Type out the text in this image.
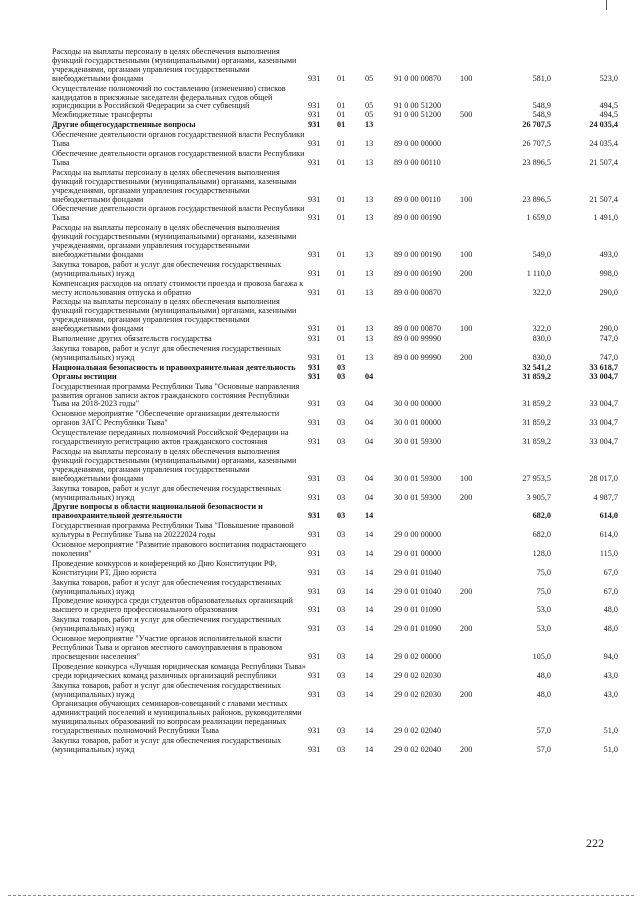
Расходы на выплаты персоналу в целях обеспечения выполнения функций государственными (муниципальными) органами, казенными учреждениями, органами управления государственными внебюджетными фондами	931	01	05	91 0 00 00870	100	581,0	523,0
Осуществление полномочий по составлению (изменению) списков кандидатов в присяжные заседатели федеральных судов общей юрисдикции в Российской Федерации за счет субвенций	931	01	05	91 0 00 51200	548,9	494,5
Межбюджетные трансферты	931	01	05	91 0 00 51200	500	548,9	494,5
Другие общегосударственные вопросы	931	01	13	26 707,5	24 035,4
Обеспечение деятельности органов государственной власти Республики Тыва	931	01	13	89 0 00 00000	26 707,5	24 035,4
Обеспечение деятельности органов государственной власти Республики Тыва	931	01	13	89 0 00 00110	23 896,5	21 507,4
Расходы на выплаты персоналу в целях обеспечения выполнения функций государственными (муниципальными) органами, казенными учреждениями, органами управления государственными внебюджетными фондами	931	01	13	89 0 00 00110	100	23 896,5	21 507,4
Обеспечение деятельности органов государственной власти Республики Тыва	931	01	13	89 0 00 00190	1 659,0	1 491,0
Расходы на выплаты персоналу в целях обеспечения выполнения функций государственными (муниципальными) органами, казенными учреждениями, органами управления государственными внебюджетными фондами	931	01	13	89 0 00 00190	100	549,0	493,0
Закупка товаров, работ и услуг для обеспечения государственных (муниципальных) нужд	931	01	13	89 0 00 00190	200	1 110,0	998,0
Компенсация расходов на оплату стоимости проезда и провоза багажа к месту использования отпуска и обратно	931	01	13	89 0 00 00870	322,0	290,0
Расходы на выплаты персоналу в целях обеспечения выполнения функций государственными (муниципальными) органами, казенными учреждениями, органами управления государственными внебюджетными фондами	931	01	13	89 0 00 00870	100	322,0	290,0
Выполнение других обязательств государства	931	01	13	89 0 00 99990	830,0	747,0
Закупка товаров, работ и услуг для обеспечения государственных (муниципальных) нужд	931	01	13	89 0 00 99990	200	830,0	747,0
Национальная безопасность и правоохранительная деятельность	931	03	32 541,2	33 618,7
Органы юстиции	931	03	04	31 859,2	33 004,7
Государственная программа Республики Тыва "Основные направления развития органов записи актов гражданского состояния Республики Тыва на 2018-2023 годы"	931	03	04	30 0 00 00000	31 859,2	33 004,7
Основное мероприятие "Обеспечение организации деятельности органов ЗАГС Республики Тыва"	931	03	04	30 0 01 00000	31 859,2	33 004,7
Осуществление переданных полномочий Российской Федерации на государственную регистрацию актов гражданского состояния	931	03	04	30 0 01 59300	31 859,2	33 004,7
Расходы на выплаты персоналу в целях обеспечения выполнения функций государственными (муниципальными) органами, казенными учреждениями, органами управления государственными внебюджетными фондами	931	03	04	30 0 01 59300	100	27 953,5	28 017,0
Закупка товаров, работ и услуг для обеспечения государственных (муниципальных) нужд	931	03	04	30 0 01 59300	200	3 905,7	4 987,7
Другие вопросы в области национальной безопасности и правоохранительной деятельности	931	03	14	682,0	614,0
Государственная программа Республики Тыва "Повышение правовой культуры в Республике Тыва на 20222024 годы	931	03	14	29 0 00 00000	682,0	614,0
Основное мероприятие "Развитие правового воспитания подрастающего поколения"	931	03	14	29 0 01 00000	128,0	115,0
Проведение конкурсов и конференций ко Дню Конституции РФ, Конституции РТ, Дню юриста	931	03	14	29 0 01 01040	75,0	67,0
Закупка товаров, работ и услуг для обеспечения государственных (муниципальных) нужд	931	03	14	29 0 01 01040	200	75,0	67,0
Проведение конкурса среди студентов образовательных организаций высшего и среднего профессионального образования	931	03	14	29 0 01 01090	53,0	48,0
Закупка товаров, работ и услуг для обеспечения государственных (муниципальных) нужд	931	03	14	29 0 01 01090	200	53,0	48,0
Основное мероприятие "Участие органов исполнительной власти Республики Тыва и органов местного самоуправления в правовом просвещении населения"	931	03	14	29 0 02 00000	105,0	94,0
Проведение конкурса «Лучшая юридическая команда Республики Тыва» среди юридических команд различных организаций республики	931	03	14	29 0 02 02030	48,0	43,0
Закупка товаров, работ и услуг для обеспечения государственных (муниципальных) нужд	931	03	14	29 0 02 02030	200	48,0	43,0
Организация обучающих семинаров-совещаний с главами местных администраций поселений и муниципальных районов, руководителями муниципальных образований по вопросам реализации переданных государственных полномочий Республики Тыва	931	03	14	29 0 02 02040	57,0	51,0
Закупка товаров, работ и услуг для обеспечения государственных (муниципальных) нужд	931	03	14	29 0 02 02040	200	57,0	51,0
222
